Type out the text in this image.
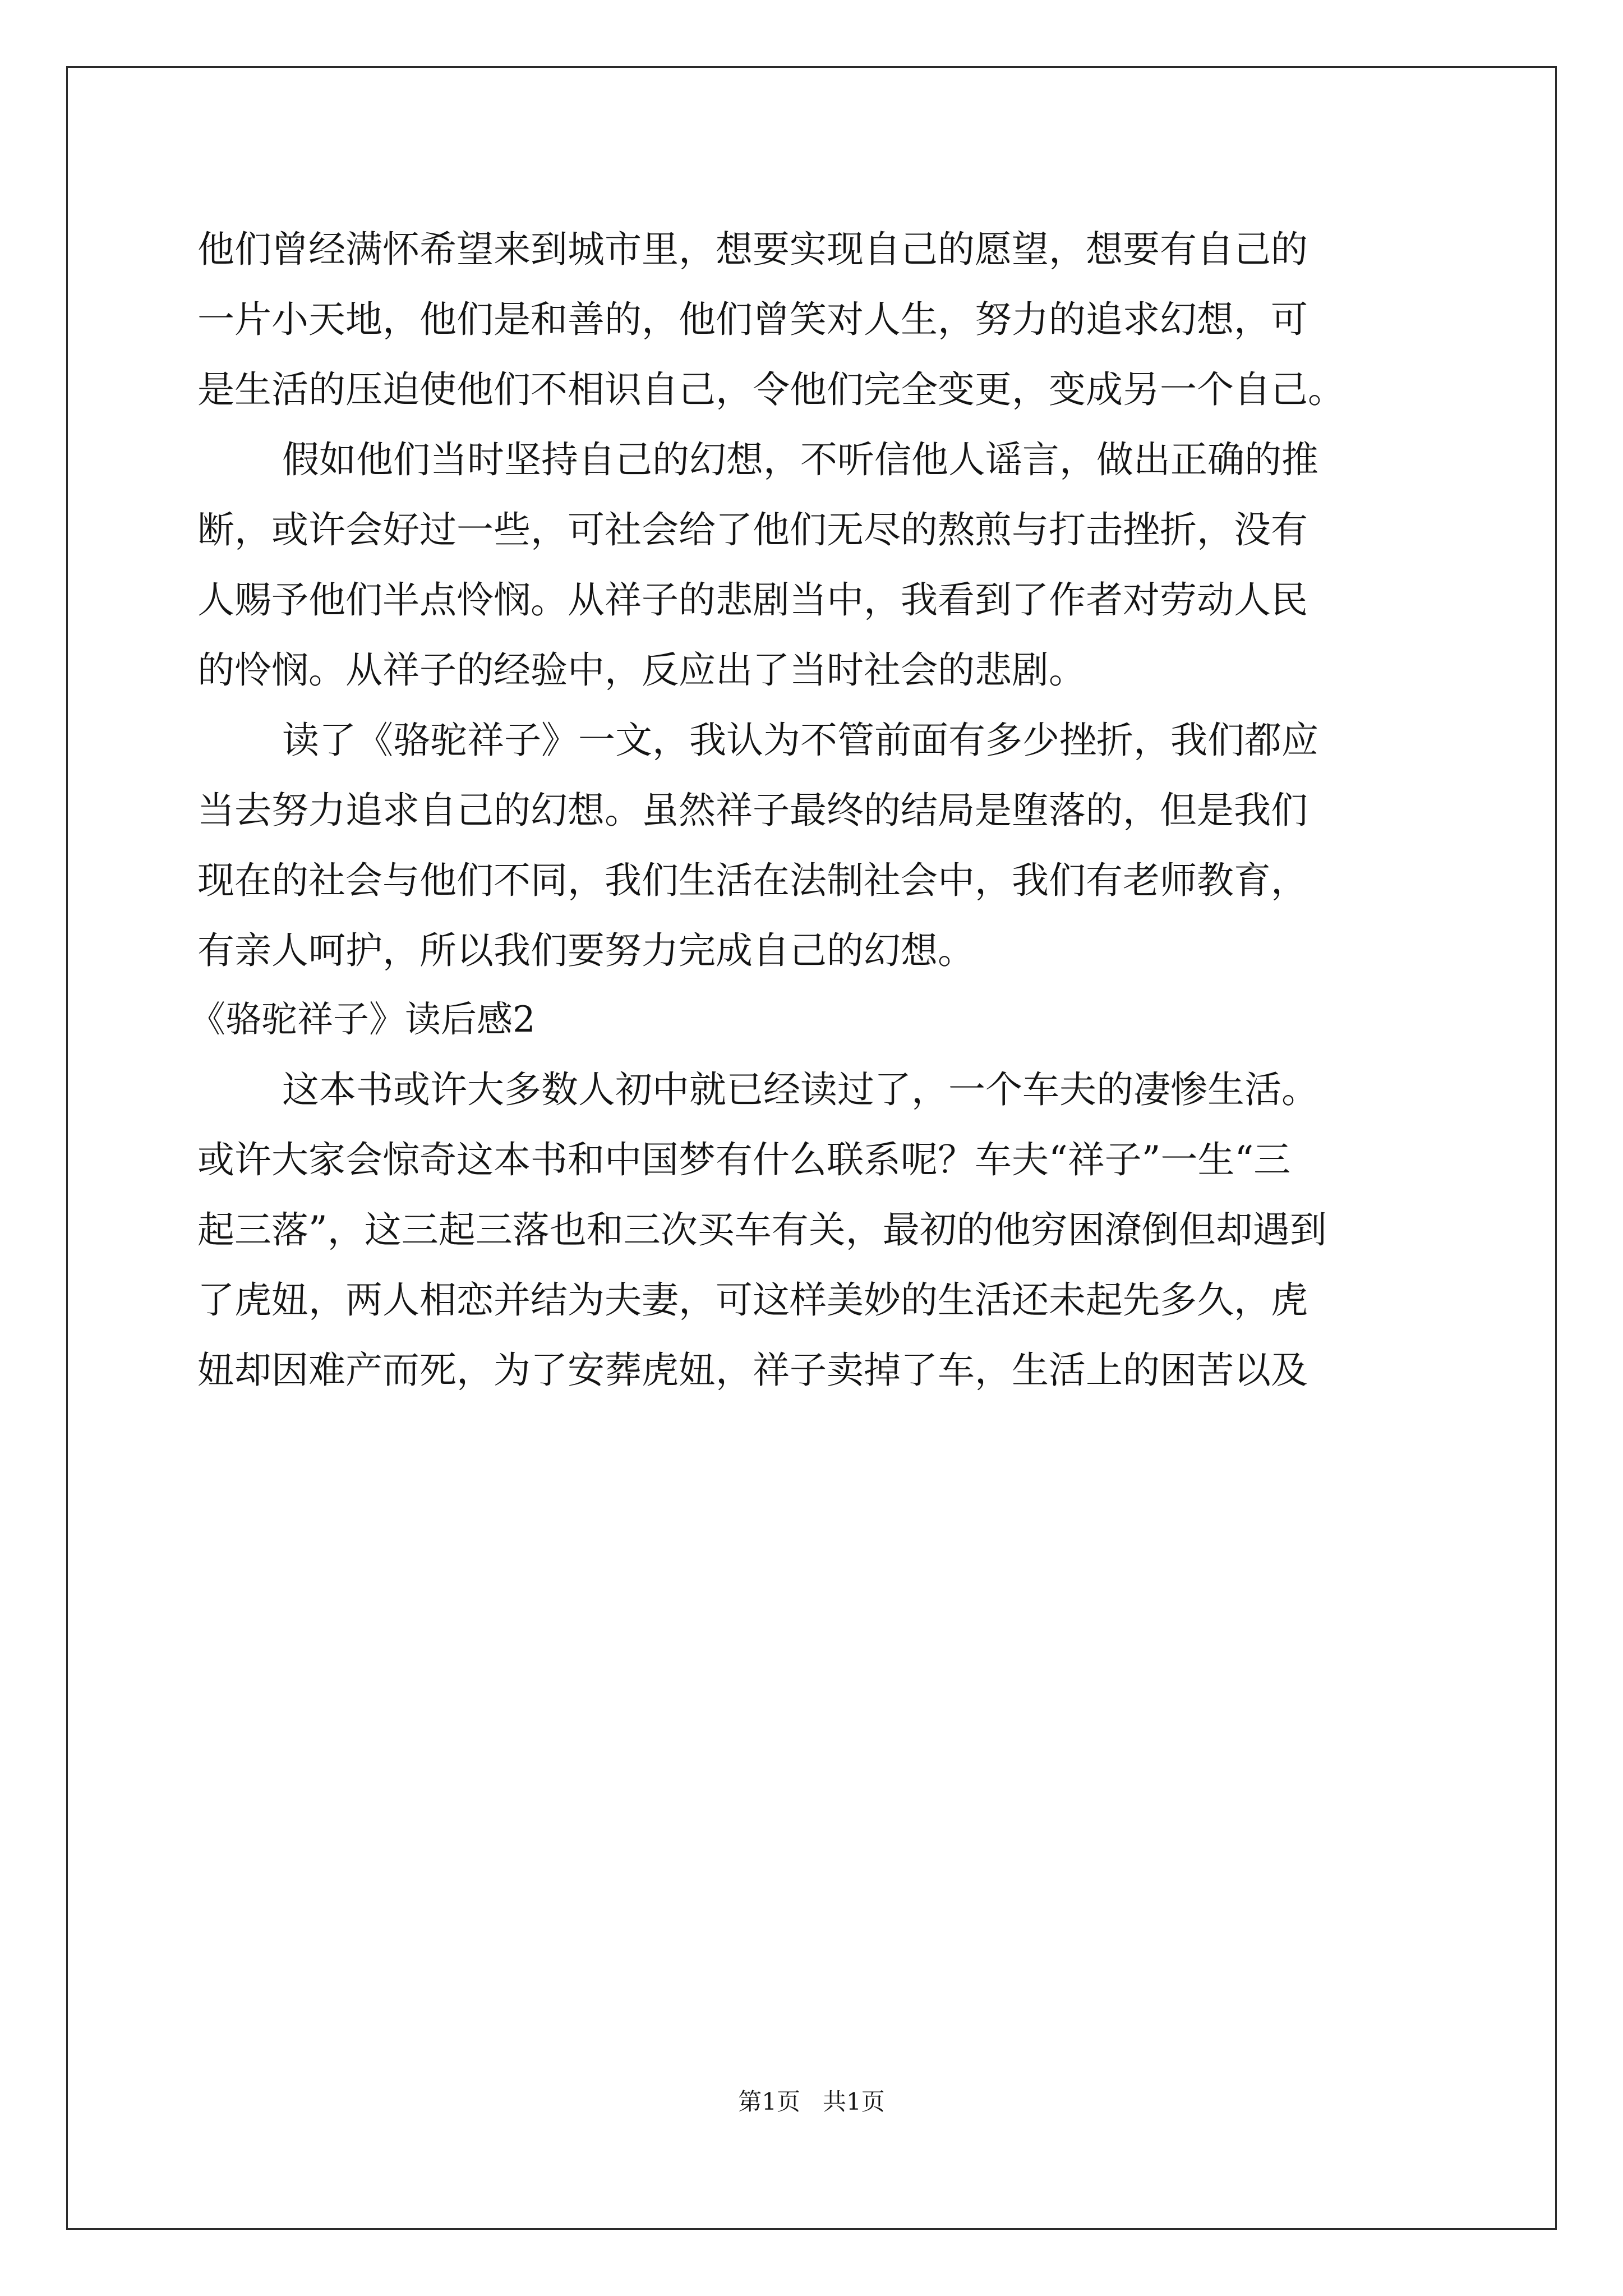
他们曾经满怀希望来到城市里，想要实现自己的愿望，想要有自己的
一片小天地，他们是和善的，他们曾笑对人生，努力的追求幻想，可
是生活的压迫使他们不相识自己，令他们完全变更，变成另一个自己。
假如他们当时坚持自己的幻想，不听信他人谣言，做出正确的推
断，或许会好过一些，可社会给了他们无尽的熬煎与打击挫折，没有
人赐予他们半点怜悯。从祥子的悲剧当中，我看到了作者对劳动人民
的怜悯。从祥子的经验中，反应出了当时社会的悲剧。
读了《骆驼祥子》一文，我认为不管前面有多少挫折，我们都应
当去努力追求自己的幻想。虽然祥子最终的结局是堕落的，但是我们
现在的社会与他们不同，我们生活在法制社会中，我们有老师教育，
有亲人呵护，所以我们要努力完成自己的幻想。
《骆驼祥子》读后感2
这本书或许大多数人初中就已经读过了，一个车夫的凄惨生活。
或许大家会惊奇这本书和中国梦有什么联系呢？车夫“祥子”一生“三
起三落”，这三起三落也和三次买车有关，最初的他穷困潦倒但却遇到
了虎妞，两人相恋并结为夫妻，可这样美妙的生活还未起先多久，虎
妞却因难产而死，为了安葬虎妞，祥子卖掉了车，生活上的困苦以及
第1页   共1页
